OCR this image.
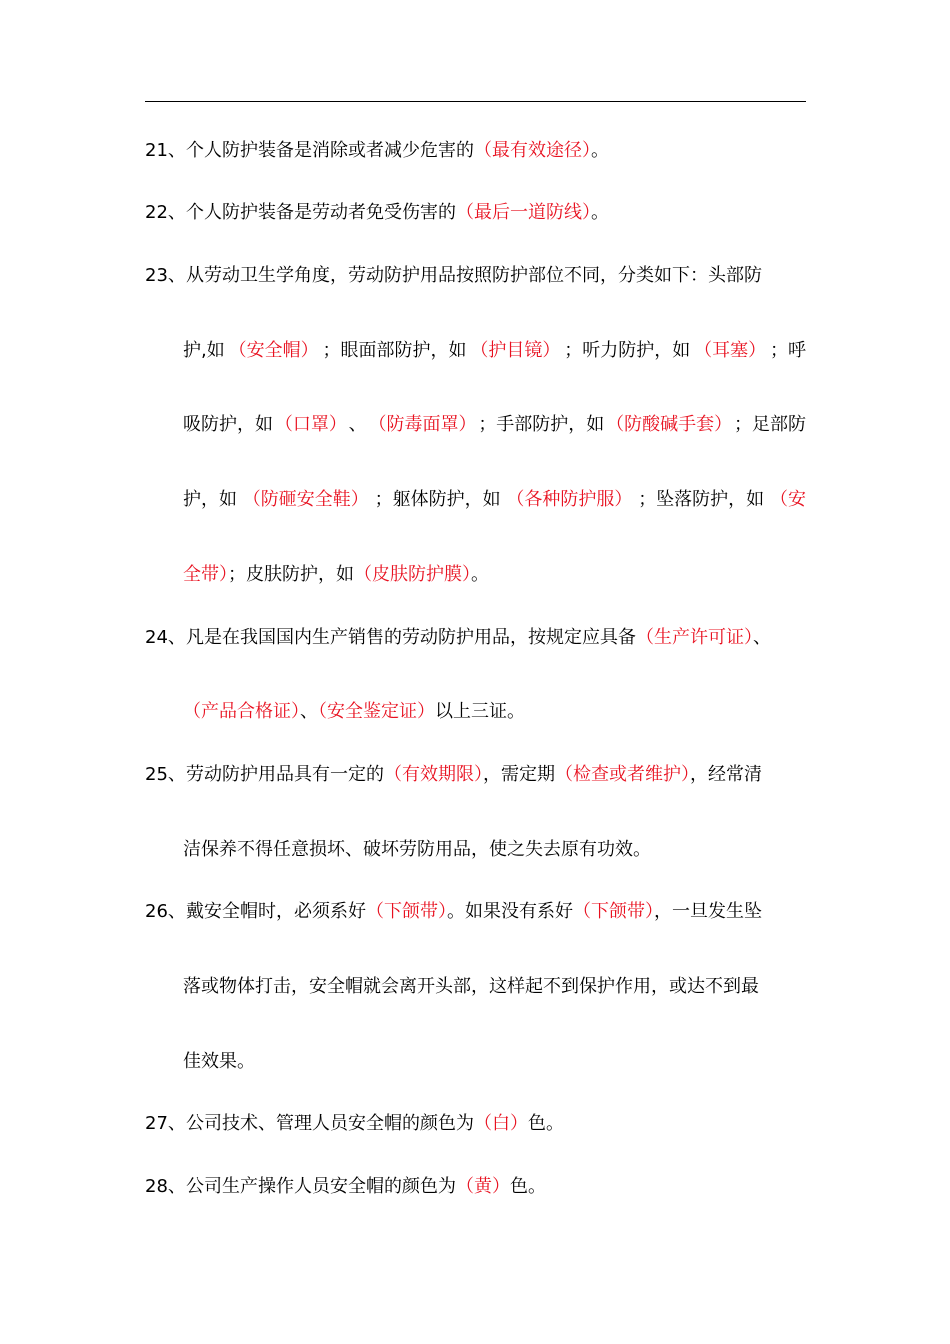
21、个人防护装备是消除或者减少危害的（最有效途径）。
22、个人防护装备是劳动者免受伤害的（最后一道防线）。
23、从劳动卫生学角度，劳动防护用品按照防护部位不同，分类如下：头部防
护,如 （安全帽） ；眼面部防护，如 （护目镜） ；听力防护，如 （耳塞） ；呼
吸防护，如 （口罩） 、 （防毒面罩） ；手部防护，如 （防酸碱手套） ；足部防
护，如 （防砸安全鞋） ；躯体防护，如 （各种防护服） ；坠落防护，如 （安
全带）；皮肤防护，如（皮肤防护膜）。
24、凡是在我国国内生产销售的劳动防护用品，按规定应具备（生产许可证）、
（产品合格证）、（安全鉴定证）以上三证。
25、劳动防护用品具有一定的（有效期限），需定期（检查或者维护），经常清
洁保养不得任意损坏、破坏劳防用品，使之失去原有功效。
26、戴安全帽时，必须系好（下颌带）。如果没有系好（下颌带），一旦发生坠
落或物体打击，安全帽就会离开头部，这样起不到保护作用，或达不到最
佳效果。
27、公司技术、管理人员安全帽的颜色为（白）色。
28、公司生产操作人员安全帽的颜色为（黄）色。
